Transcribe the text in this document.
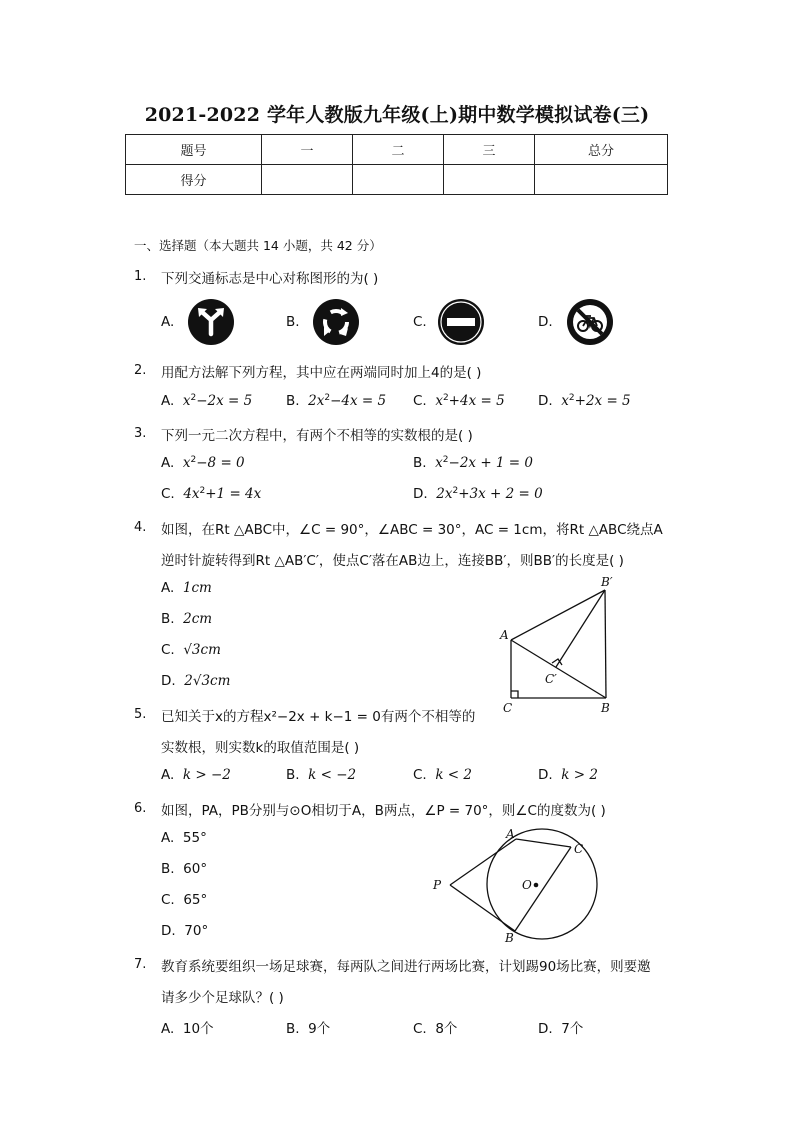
2021-2022 学年人教版九年级(上)期中数学模拟试卷(三)
题号	一	二	三	总分
得分				
一、选择题（本大题共 14 小题，共 42 分）
1. 下列交通标志是中心对称图形的为( )
A.	B.	C.	D.
2. 用配方法解下列方程，其中应在两端同时加上4的是( )
A. $x^2-2x = 5$	B. $2x^2-4x = 5$ C. $x^2+4x = 5$ D. $x^2+2x = 5$
3. 下列一元二次方程中，有两个不相等的实数根的是( )
A. $x^2-8 = 0$	B. $x^2-2x + 1 = 0$
C. $4x^2+1 = 4x$	D. $2x^2+3x + 2 = 0$
4. 如图，在Rt △ABC中，∠C = 90°，∠ABC = 30°，AC = 1cm，将Rt △ABC绕点A
逆时针旋转得到Rt △AB′C′，使点C′落在AB边上，连接BB′，则BB′的长度是( )
A. 1cm
B. 2cm
C. √3cm
D. 2√3cm
A
C	B
B′
C′
5. 已知关于x的方程x²−2x + k−1 = 0有两个不相等的
实数根，则实数k的取值范围是( )
A. k > −2	B. k < −2	C. k < 2	D. k > 2
6. 如图，PA，PB分别与⊙O相切于A，B两点，∠P = 70°，则∠C的度数为( )
A. 55°
B. 60°
C. 65°
D. 70°
A
C
P	O
B
7. 教育系统要组织一场足球赛，每两队之间进行两场比赛，计划踢90场比赛，则要邀
请多少个足球队？( )
A. 10个	B. 9个	C. 8个	D. 7个
